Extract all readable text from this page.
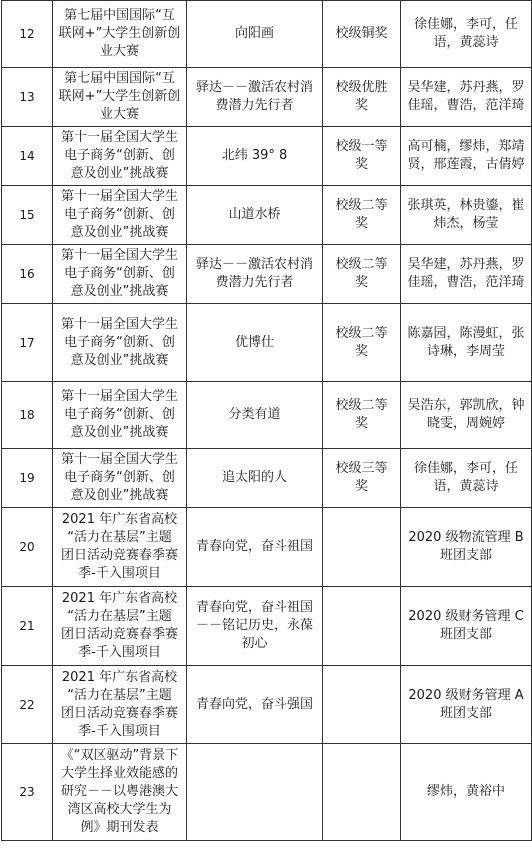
12	第七届中国国际“互
联网+”大学生创新创
业大赛	向阳画	校级铜奖	徐佳娜，李可，任
语，黄蕊诗
13	第七届中国国际“互
联网+”大学生创新创
业大赛	驿达－－激活农村消
费潜力先行者	校级优胜
奖	吴华建，苏丹燕，罗
佳瑶，曹浩，范洋琦
14	第十一届全国大学生
电子商务“创新、创
意及创业”挑战赛	北纬 39° 8	校级一等
奖	高可楠，缪炜，郑靖
贤，邢莲霞，古倩婷
15	第十一届全国大学生
电子商务“创新、创
意及创业”挑战赛	山道水桥	校级二等
奖	张琪英，林贵鎏，崔
炜杰，杨莹
16	第十一届全国大学生
电子商务“创新、创
意及创业”挑战赛	驿达－－激活农村消
费潜力先行者	校级二等
奖	吴华建，苏丹燕，罗
佳瑶，曹浩，范洋琦
17	第十一届全国大学生
电子商务“创新、创
意及创业”挑战赛	优博仕	校级二等
奖	陈嘉园，陈漫虹，张
诗琳，李周莹
18	第十一届全国大学生
电子商务“创新、创
意及创业”挑战赛	分类有道	校级二等
奖	吴浩东，郭凯欣，钟
晓雯，周婉婷
19	第十一届全国大学生
电子商务“创新、创
意及创业”挑战赛	追太阳的人	校级三等
奖	徐佳娜，李可，任
语，黄蕊诗
20	2021 年广东省高校
“活力在基层”主题
团日活动竞赛春季赛
季-千入围项目	青春向党，奋斗祖国		2020 级物流管理 B
班团支部
21	2021 年广东省高校
“活力在基层”主题
团日活动竞赛春季赛
季-千入围项目	青春向党，奋斗祖国
－－铭记历史，永葆
初心		2020 级财务管理 C
班团支部
22	2021 年广东省高校
“活力在基层”主题
团日活动竞赛春季赛
季-千入围项目	青春向党，奋斗强国		2020 级财务管理 A
班团支部
23	《“双区驱动”背景下
大学生择业效能感的
研究－－以粤港澳大
湾区高校大学生为
例》期刊发表			缪炜，黄裕中
